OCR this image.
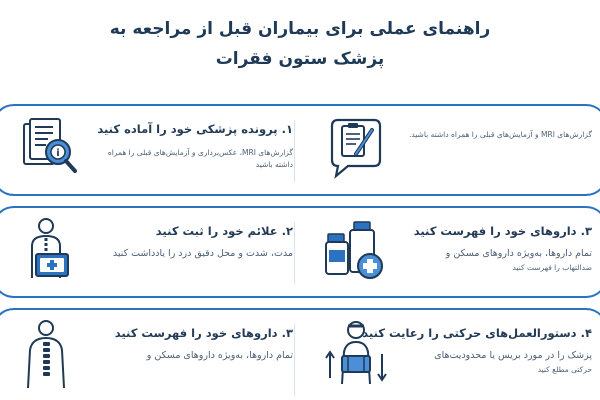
راهنمای عملی برای بیماران قبل از مراجعه به
پزشک ستون فقرات
i
۱. پرونده پزشکی خود را آماده کنید
گزارش‌های MRI، عکس‌برداری و آزمایش‌های قبلی را همراه داشته باشید
گزارش‌های MRI و آزمایش‌های قبلی را همراه داشته باشید.
۲. علائم خود را ثبت کنید
مدت، شدت و محل دقیق درد را یادداشت کنید
۳. داروهای خود را فهرست کنید
تمام داروها، به‌ویژه داروهای مسکن و
ضدالتهاب را فهرست کنید
۳. داروهای خود را فهرست کنید
تمام داروها، به‌ویژه داروهای مسکن و
۴. دستورالعمل‌های حرکتی را رعایت کنید
پزشک را در مورد بریس یا محدودیت‌های
حرکتی مطلع کنید
